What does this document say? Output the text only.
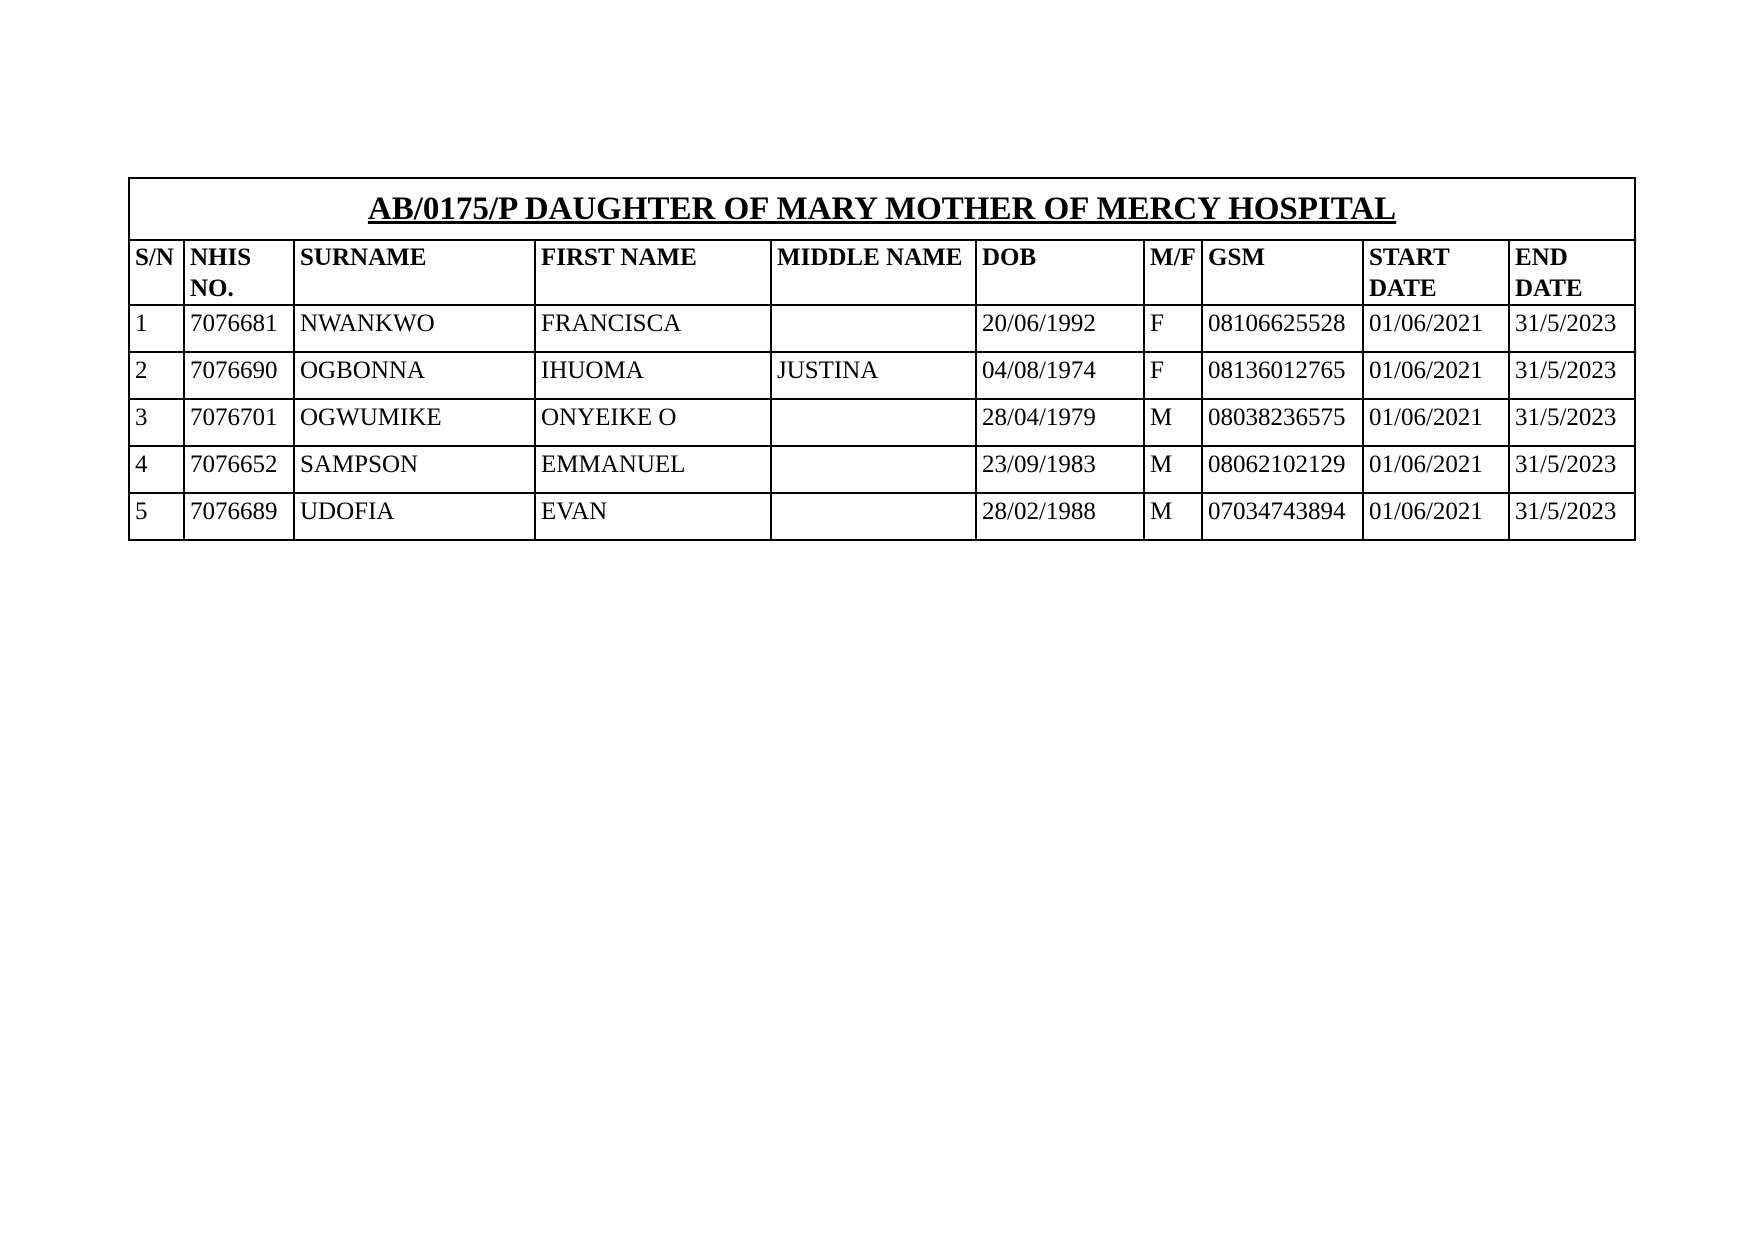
AB/0175/P DAUGHTER OF MARY MOTHER OF MERCY HOSPITAL									
S/N	NHIS NO.	SURNAME	FIRST NAME	MIDDLE NAME	DOB	M/F	GSM	START DATE	END DATE
1	7076681	NWANKWO	FRANCISCA		20/06/1992	F	08106625528	01/06/2021	31/5/2023
2	7076690	OGBONNA	IHUOMA	JUSTINA	04/08/1974	F	08136012765	01/06/2021	31/5/2023
3	7076701	OGWUMIKE	ONYEIKE O		28/04/1979	M	08038236575	01/06/2021	31/5/2023
4	7076652	SAMPSON	EMMANUEL		23/09/1983	M	08062102129	01/06/2021	31/5/2023
5	7076689	UDOFIA	EVAN		28/02/1988	M	07034743894	01/06/2021	31/5/2023
